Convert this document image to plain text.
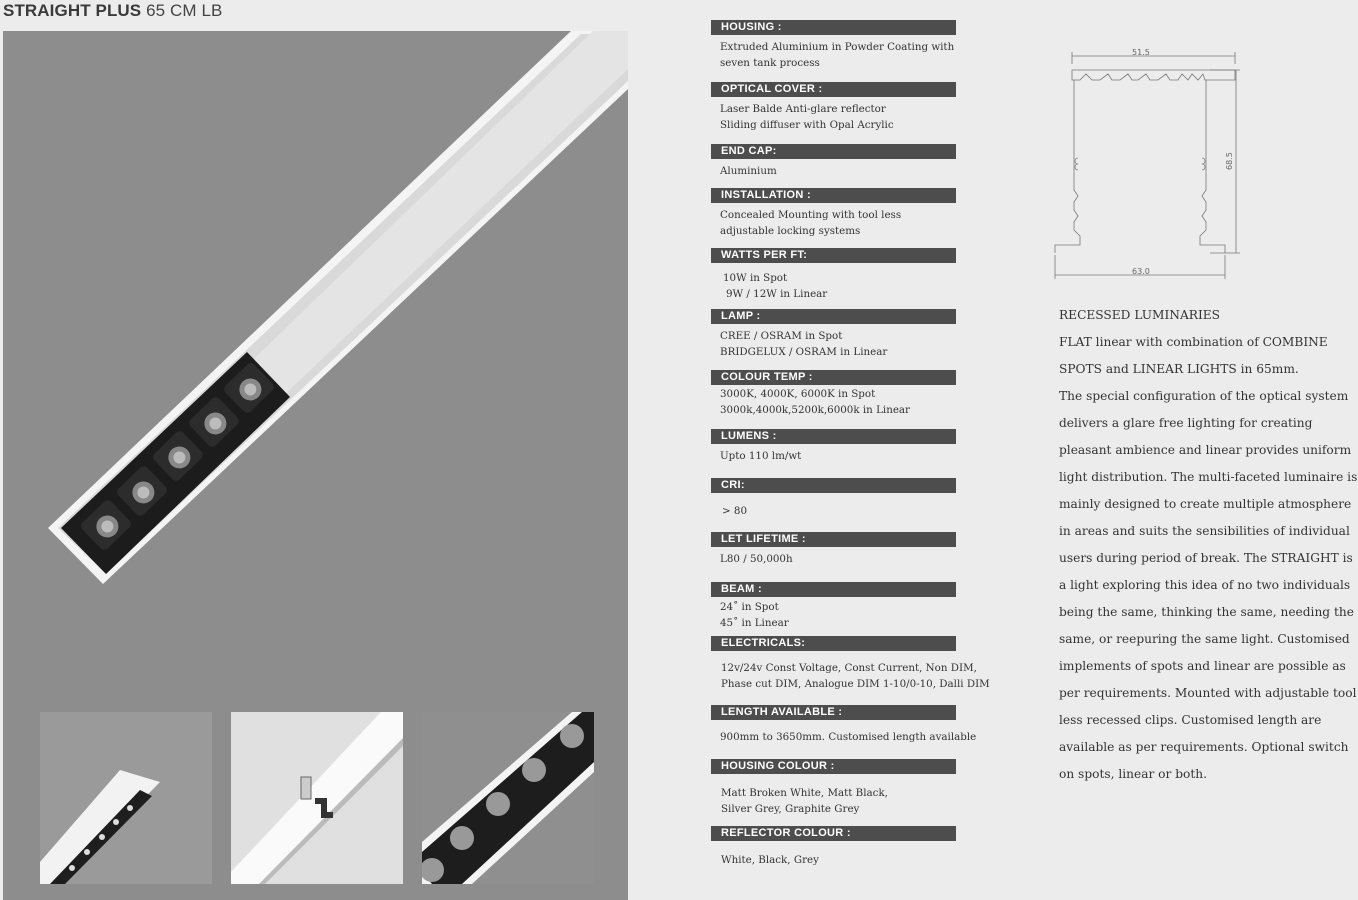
STRAIGHT PLUS 65 CM LB
HOUSING :
Extruded Aluminium in Powder Coating with
seven tank process
OPTICAL COVER :
Laser Balde Anti-glare reflector
Sliding diffuser with Opal Acrylic
END CAP:
Aluminium
INSTALLATION :
Concealed Mounting with tool less
adjustable locking systems
WATTS PER FT:
10W in Spot
9W / 12W in Linear
LAMP :
CREE / OSRAM in Spot
BRIDGELUX / OSRAM in Linear
COLOUR TEMP :
3000K, 4000K, 6000K in Spot
3000k,4000k,5200k,6000k in Linear
LUMENS :
Upto 110 lm/wt
CRI:
> 80
LET LIFETIME :
L80 / 50,000h
BEAM :
24˚ in Spot
45˚ in Linear
ELECTRICALS:
12v/24v Const Voltage, Const Current, Non DIM,
Phase cut DIM, Analogue DIM 1-10/0-10, Dalli DIM
LENGTH AVAILABLE :
900mm to 3650mm. Customised length available
HOUSING COLOUR :
Matt Broken White, Matt Black,
Silver Grey, Graphite Grey
REFLECTOR COLOUR :
White, Black, Grey
51.5
68.5
63.0
RECESSED LUMINARIES
FLAT linear with combination of COMBINE
SPOTS and LINEAR LIGHTS in 65mm.
The special configuration of the optical system
delivers a glare free lighting for creating
pleasant ambience and linear provides uniform
light distribution. The multi-faceted luminaire is
mainly designed to create multiple atmosphere
in areas and suits the sensibilities of individual
users during period of break. The STRAIGHT is
a light exploring this idea of no two individuals
being the same, thinking the same, needing the
same, or reepuring the same light. Customised
implements of spots and linear are possible as
per requirements. Mounted with adjustable tool
less recessed clips. Customised length are
available as per requirements. Optional switch
on spots, linear or both.
